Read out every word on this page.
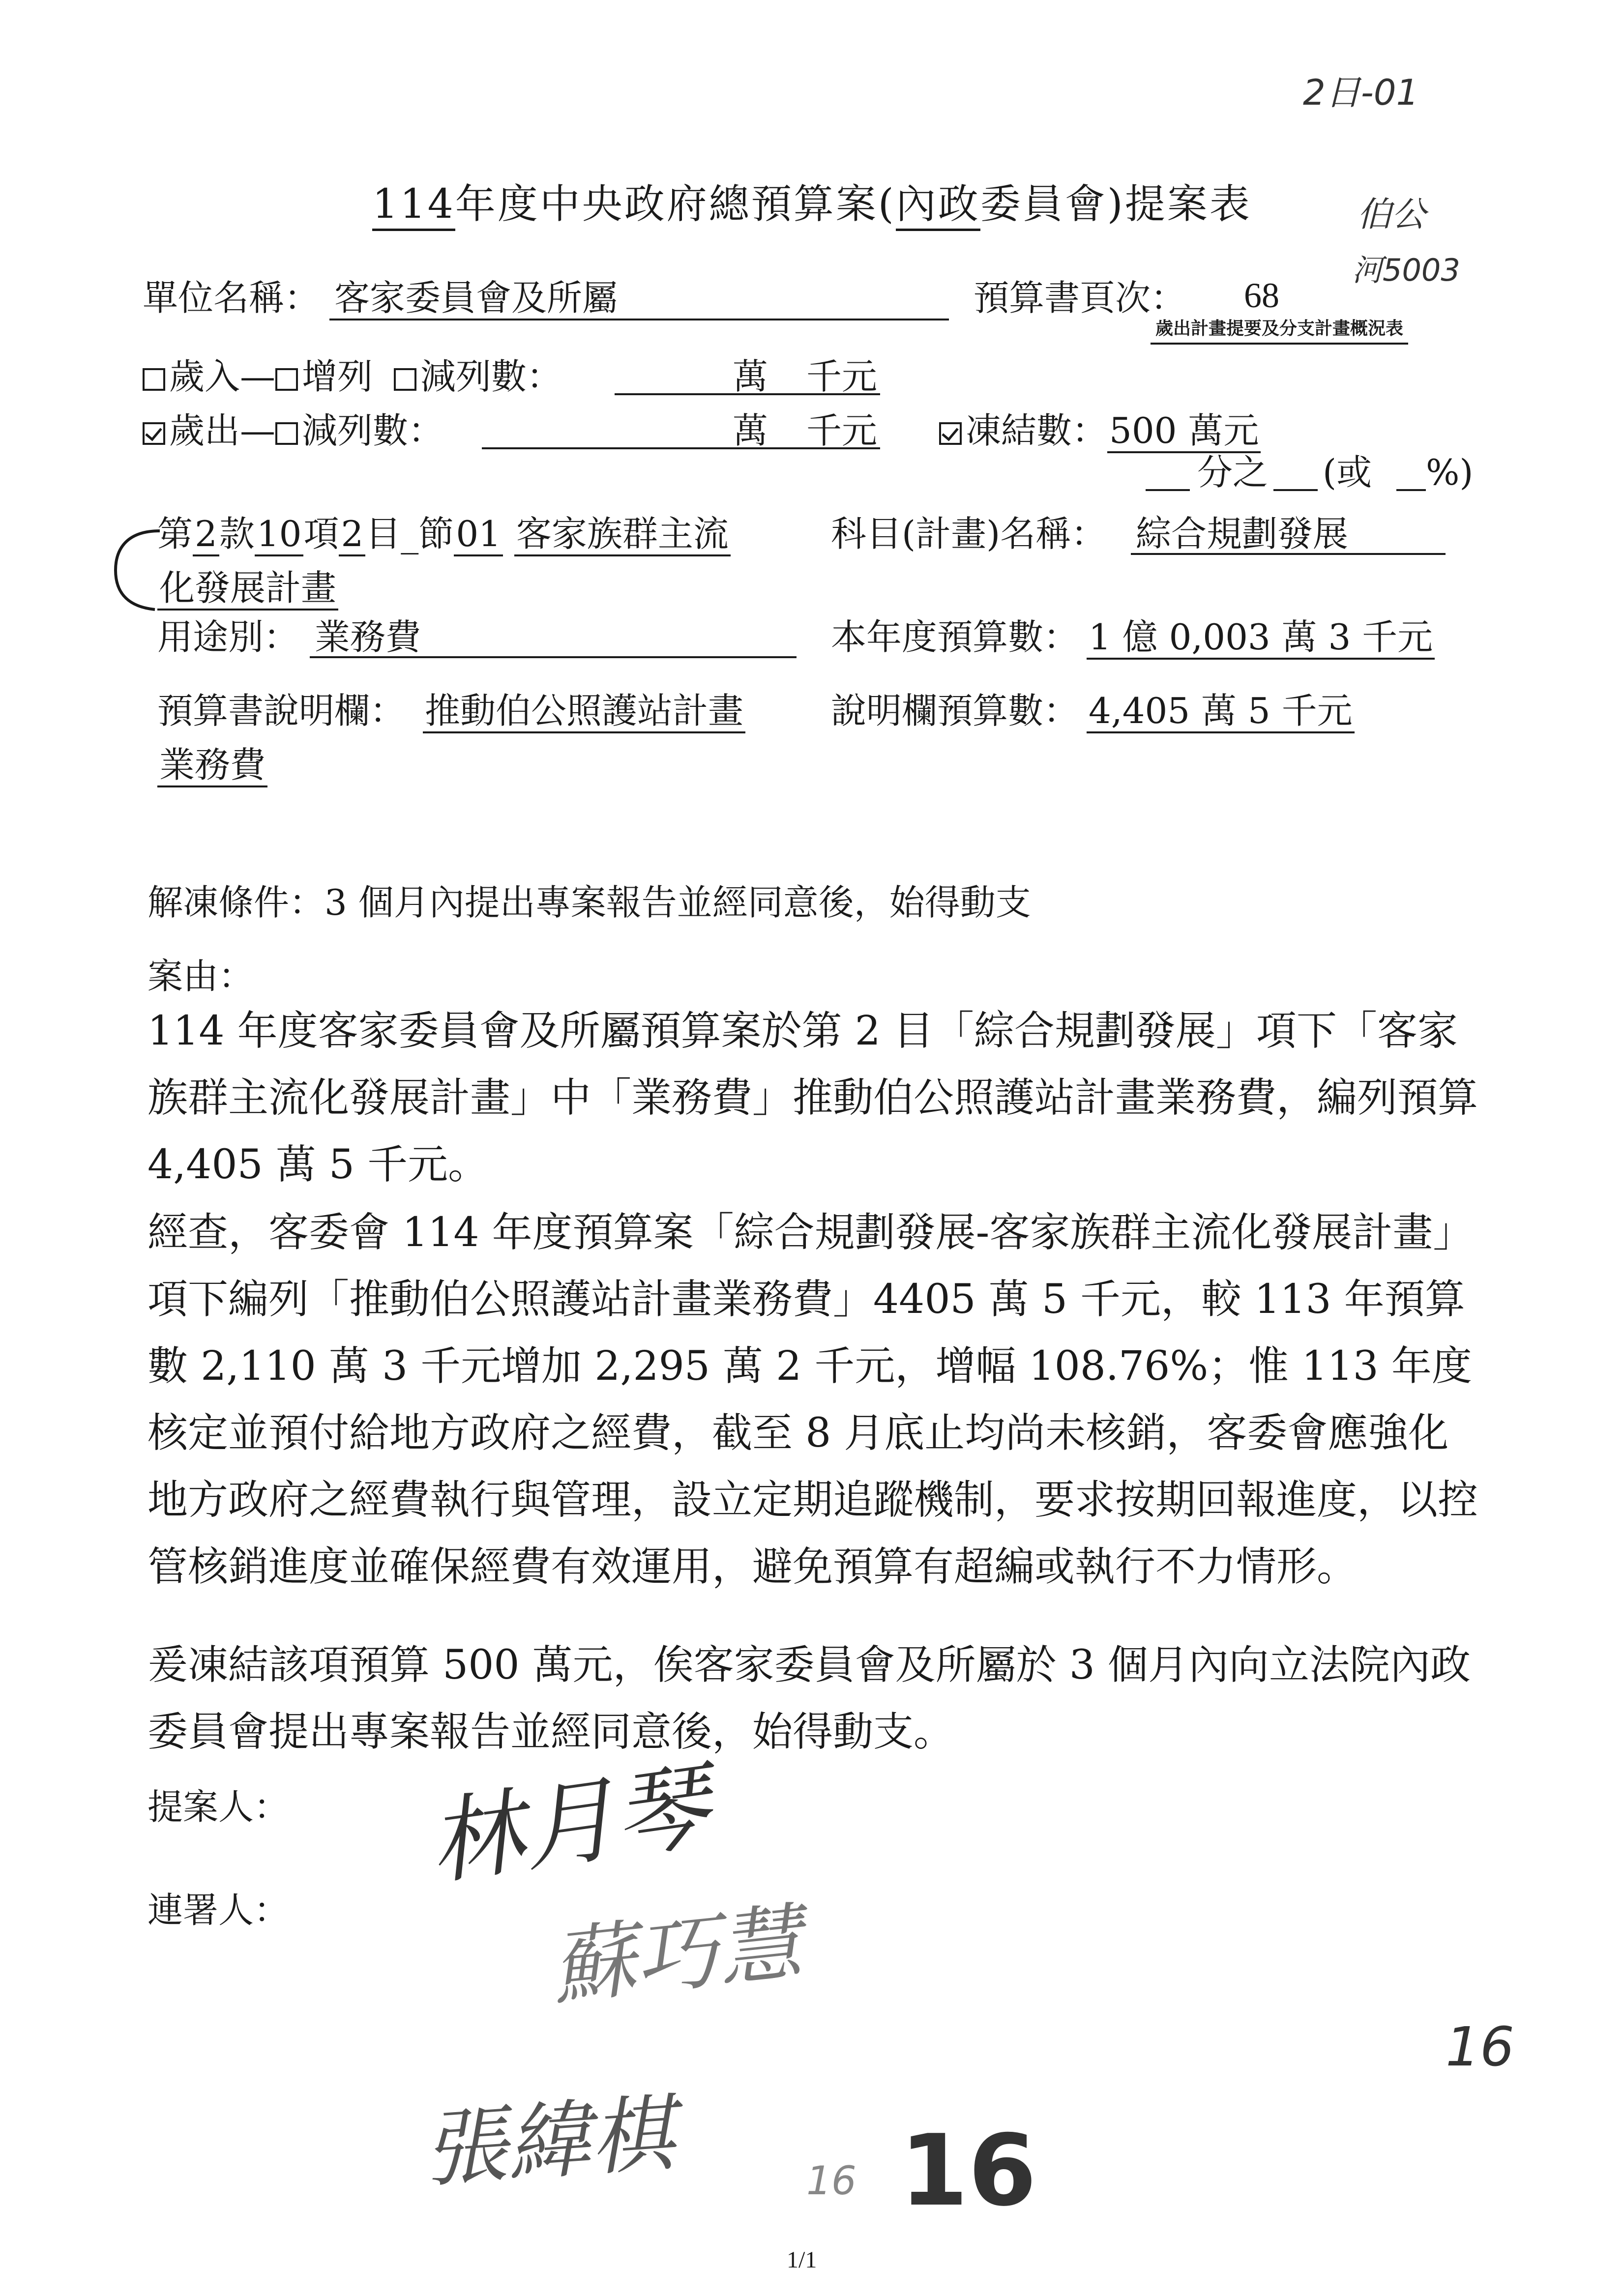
2日-01
伯公
河5003
114年度中央政府總預算案(內政委員會)提案表
單位名稱： 客家委員會及所屬	預算書頁次： 68
歲出計畫提要及分支計畫概況表
歲入— 增列 減列數：	萬 千元
歲出— 減列數：	萬 千元	凍結數：500 萬元
分之 (或 %)
第2款10項2目_節01 客家族群主流
化發展計畫
科目(計畫)名稱： 綜合規劃發展
用途別： 業務費	本年度預算數： 1 億 0,003 萬 3 千元
預算書說明欄： 推動伯公照護站計畫
業務費
說明欄預算數： 4,405 萬 5 千元
解凍條件：3 個月內提出專案報告並經同意後，始得動支
案由：
114 年度客家委員會及所屬預算案於第 2 目「綜合規劃發展」項下「客家族群主流化發展計畫」中「業務費」推動伯公照護站計畫業務費，編列預算 4,405 萬 5 千元。
經查，客委會 114 年度預算案「綜合規劃發展-客家族群主流化發展計畫」項下編列「推動伯公照護站計畫業務費」4405 萬 5 千元，較 113 年預算數 2,110 萬 3 千元增加 2,295 萬 2 千元，增幅 108.76%；惟 113 年度核定並預付給地方政府之經費，截至 8 月底止均尚未核銷，客委會應強化地方政府之經費執行與管理，設立定期追蹤機制，要求按期回報進度，以控管核銷進度並確保經費有效運用，避免預算有超編或執行不力情形。
爰凍結該項預算 500 萬元，俟客家委員會及所屬於 3 個月內向立法院內政委員會提出專案報告並經同意後，始得動支。
提案人：
連署人：
林月琴
蘇巧慧
張緯棋
16
16 16
1/1
